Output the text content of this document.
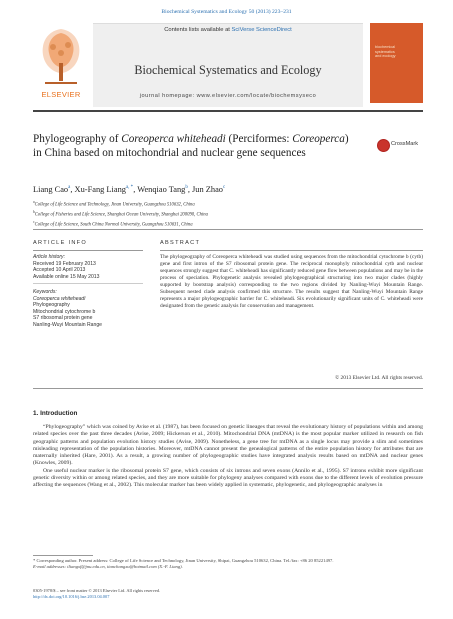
Biochemical Systematics and Ecology 50 (2013) 223–231
ELSEVIER
Contents lists available at SciVerse ScienceDirect
Biochemical Systematics and Ecology
journal homepage: www.elsevier.com/locate/biochemsyseco
biochemical
systematics
and ecology
Phylogeography of Coreoperca whiteheadi (Perciformes: Coreoperca) in China based on mitochondrial and nuclear gene sequences
CrossMark
Liang Cao$^a$, Xu-Fang Liang$^{a, *}$, Wenqiao Tang$^b$, Jun Zhao$^c$
$^a$College of Life Science and Technology, Jinan University, Guangzhou 510632, China
$^b$College of Fisheries and Life Science, Shanghai Ocean University, Shanghai 200090, China
$^c$College of Life Science, South China Normal University, Guangzhou 510631, China
ARTICLE INFO
Article history:
Received 19 February 2013
Accepted 10 April 2013
Available online 15 May 2013
Keywords:
Coreoperca whiteheadi
Phylogeography
Mitochondrial cytochrome b
S7 ribosomal protein gene
Nanling-Wuyi Mountain Range
ABSTRACT
The phylogeography of Coreoperca whiteheadi was studied using sequences from the mitochondrial cytochrome b (cytb) gene and first intron of the S7 ribosomal protein gene. The reciprocal monophyly mitochondrial cytb and nuclear sequences strongly suggest that C. whiteheadi has significantly reduced gene flow between populations and may be in the process of speciation. Phylogenetic analysis revealed phylogeographical structuring into two major clades (highly supported by bootstrap analysis) corresponding to the two regions divided by Nanling-Wuyi Mountain Range. Subsequent nested clade analysis confirmed this structure. The results suggest that Nanling-Wuyi Mountain Range represents a major phylogeographic barrier for C. whiteheadi. Six evolutionarily significant units of C. whiteheadi were designated from the genetic analysis for conservation and management.
© 2013 Elsevier Ltd. All rights reserved.
1. Introduction

“Phylogeography” which was coined by Avise et al. (1987), has been focused on genetic lineages that reveal the evolutionary history of populations within and among related species over the past three decades (Avise, 2009; Hickerson et al., 2010). Mitochondrial DNA (mtDNA) is the most popular marker utilized in research on fish geographic patterns and population evolution history studies (Avise, 2009). Nonetheless, a gene tree for mtDNA as a single locus may provide a slim and sometimes misleading representation of the population histories. Moreover, mtDNA cannot present the genealogical patterns of the entire population history for attributes that are maternally inherited (Hare, 2001). As a result, a growing number of phylogeographic studies have integrated analysis results based on mtDNA and nuclear genes (Knowles, 2009).

One useful nuclear marker is the ribosomal protein S7 gene, which consists of six introns and seven exons (Annilo et al., 1995). S7 introns exhibit more significant genetic diversity within or among related species, and they are more suitable for phylogeny analyses compared with exons due to the different levels of evolution pressure affecting the sequences (Wang et al., 2002). This molecular marker has been widely applied in systematic, phylogenetic, and phylogeographic analyses in

* Corresponding author. Present address: College of Life Science and Technology, Jinan University, Shipai, Guangzhou 510632, China. Tel./fax: +86 20 85221497.
E-mail addresses: tliangxf@jnu.edu.cn, tianchangxu@hotmail.com (X.-F. Liang).
0305-1978/$ – see front matter © 2013 Elsevier Ltd. All rights reserved.
http://dx.doi.org/10.1016/j.bse.2013.04.007
